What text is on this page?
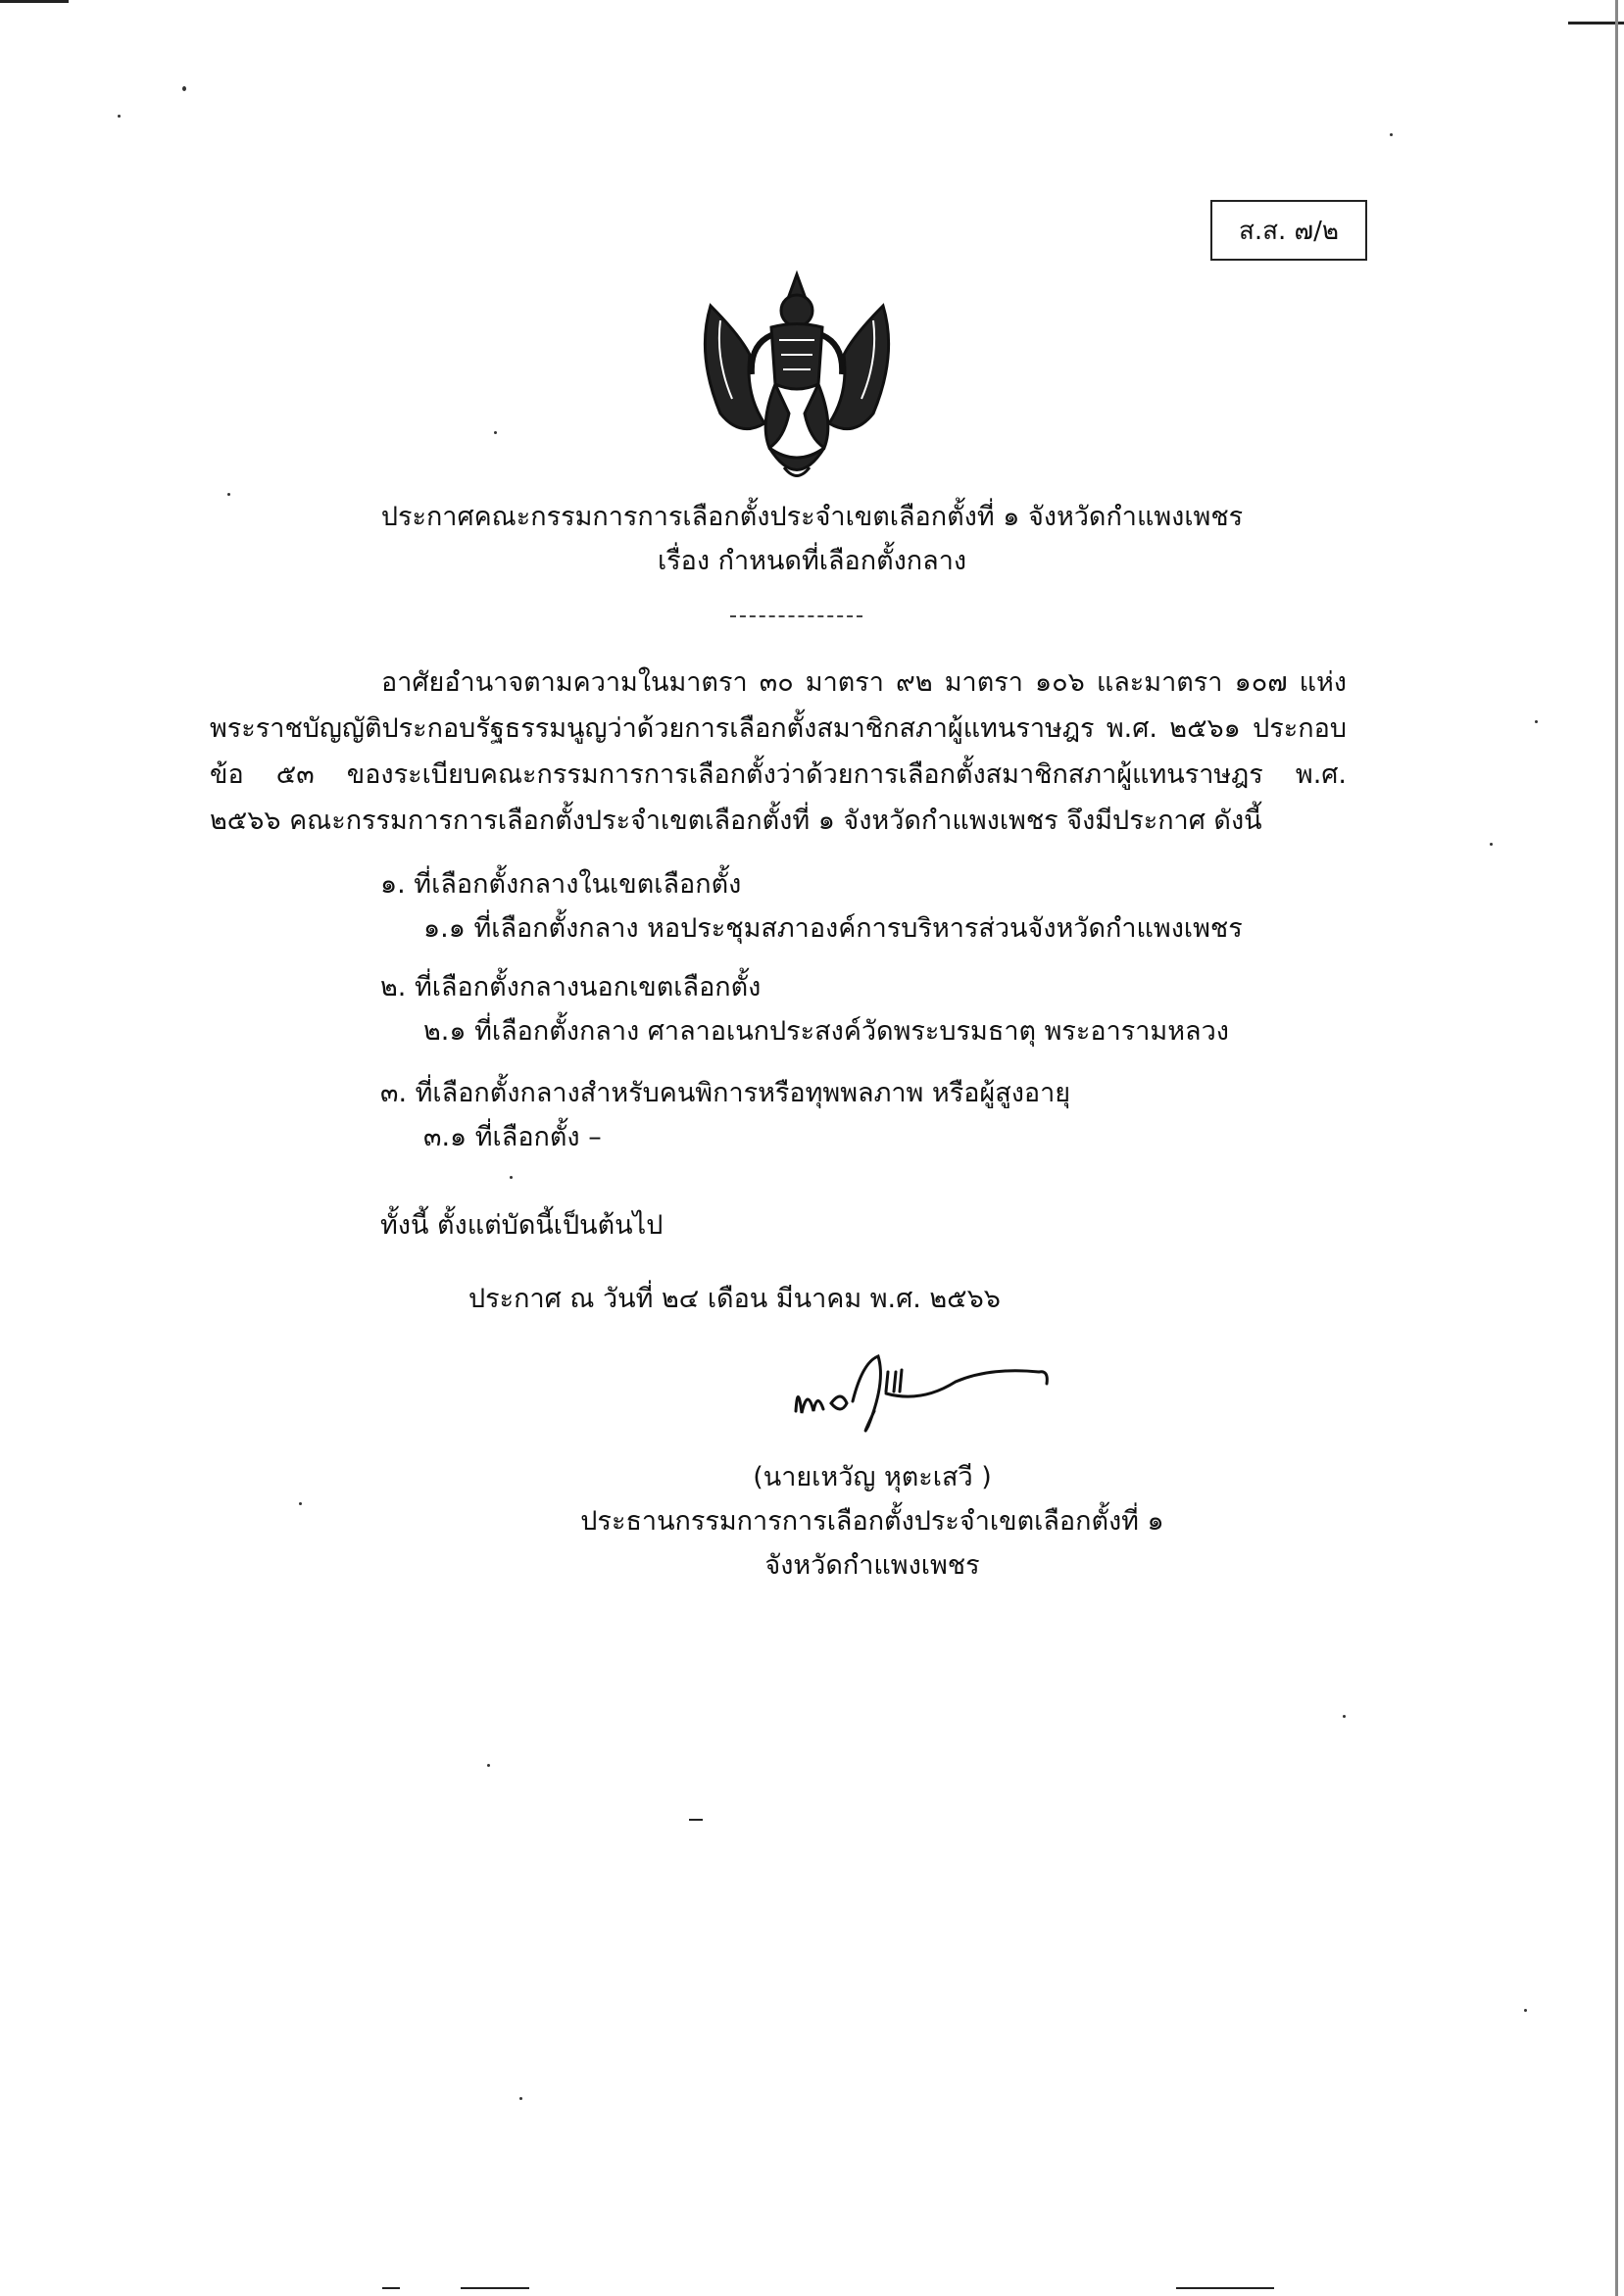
ส.ส. ๗/๒
ประกาศคณะกรรมการการเลือกตั้งประจำเขตเลือกตั้งที่ ๑ จังหวัดกำแพงเพชร
เรื่อง กำหนดที่เลือกตั้งกลาง
อาศัยอำนาจตามความในมาตรา ๓๐ มาตรา ๙๒ มาตรา ๑๐๖ และมาตรา ๑๐๗ แห่งพระราชบัญญัติประกอบรัฐธรรมนูญว่าด้วยการเลือกตั้งสมาชิกสภาผู้แทนราษฎร พ.ศ. ๒๕๖๑ ประกอบข้อ ๕๓ ของระเบียบคณะกรรมการการเลือกตั้งว่าด้วยการเลือกตั้งสมาชิกสภาผู้แทนราษฎร พ.ศ. ๒๕๖๖ คณะกรรมการการเลือกตั้งประจำเขตเลือกตั้งที่ ๑ จังหวัดกำแพงเพชร จึงมีประกาศ ดังนี้
๑. ที่เลือกตั้งกลางในเขตเลือกตั้ง
๑.๑ ที่เลือกตั้งกลาง หอประชุมสภาองค์การบริหารส่วนจังหวัดกำแพงเพชร
๒. ที่เลือกตั้งกลางนอกเขตเลือกตั้ง
๒.๑ ที่เลือกตั้งกลาง ศาลาอเนกประสงค์วัดพระบรมธาตุ พระอารามหลวง
๓. ที่เลือกตั้งกลางสำหรับคนพิการหรือทุพพลภาพ หรือผู้สูงอายุ
๓.๑ ที่เลือกตั้ง –
ทั้งนี้ ตั้งแต่บัดนี้เป็นต้นไป
ประกาศ ณ วันที่ ๒๔ เดือน มีนาคม พ.ศ. ๒๕๖๖
(นายเหวัญ หุตะเสวี )
ประธานกรรมการการเลือกตั้งประจำเขตเลือกตั้งที่ ๑
จังหวัดกำแพงเพชร
